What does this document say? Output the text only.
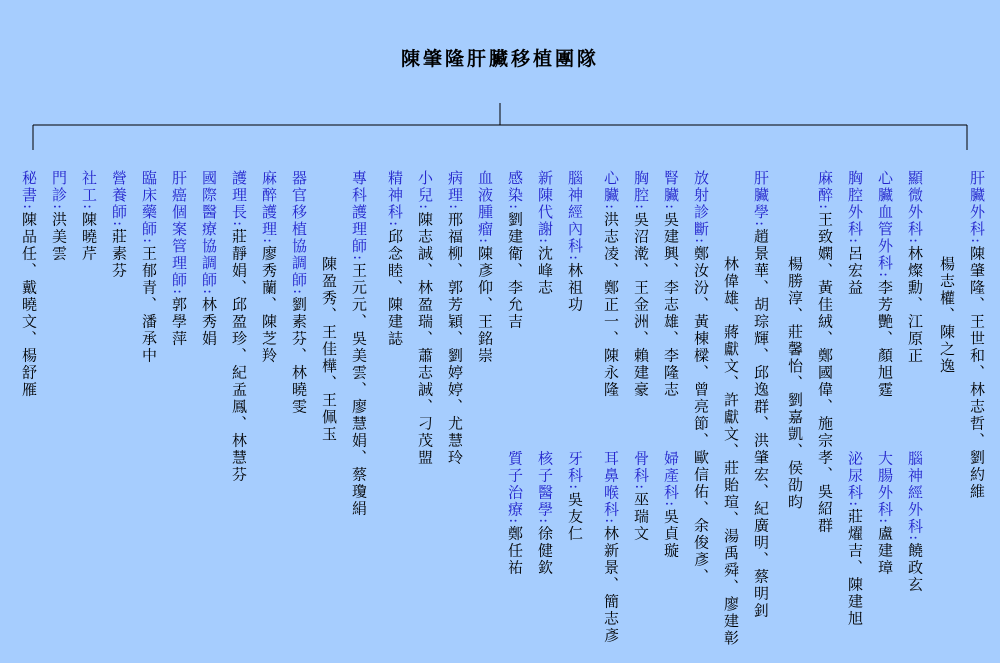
陳肇隆肝臟移植團隊
肝臟外科:陳肇隆、王世和、林志哲、劉約維
楊志權、陳之逸
顯微外科:林燦勳、江原正腦神經外科:饒政玄
心臟血管外科:李芳艷、顏旭霆大腸外科:盧建璋
胸腔外科:呂宏益泌尿科:莊燿吉、陳建旭
麻醉:王致嫻、黃佳絨、鄭國偉、施宗孝、吳紹群
楊勝淳、莊馨怡、劉嘉凱、侯劭昀
肝臟學:趙景華、胡琮輝、邱逸群、洪肇宏、紀廣明、蔡明釗
林偉雄、蔣獻文、許獻文、莊貽瑄、湯禹舜、廖建彰
放射診斷:鄭汝汾、黃棟樑、曾亮節、歐信佑、余俊彥、
腎臟:吳建興、李志雄、李隆志婦產科:吳貞璇
胸腔:吳沼漧、王金洲、賴建豪骨科:巫瑞文
心臟:洪志凌、鄭正一、陳永隆耳鼻喉科:林新景、簡志彥
腦神經內科:林祖功牙科:吳友仁
新陳代謝:沈峰志核子醫學:徐健欽
感染:劉建衛、李允吉質子治療:鄭任祐
血液腫瘤:陳彥仰、王銘崇
病理:邢福柳、郭芳穎、劉婷婷、尤慧玲
小兒:陳志誠、林盈瑞、蕭志誠、刁茂盟
精神科:邱念睦、陳建誌
專科護理師:王元元、吳美雲、廖慧娟、蔡瓊絹
陳盈秀、王佳樺、王佩玉
器官移植協調師:劉素芬、林曉雯
麻醉護理:廖秀蘭、陳芝羚
護理長:莊靜娟、邱盈珍、紀孟鳳、林慧芬
國際醫療協調師:林秀娟
肝癌個案管理師:郭學萍
臨床藥師:王郁青、潘承中
營養師:莊素芬
社工:陳曉芹
門診:洪美雲
秘書:陳品任、戴曉文、楊舒雁
